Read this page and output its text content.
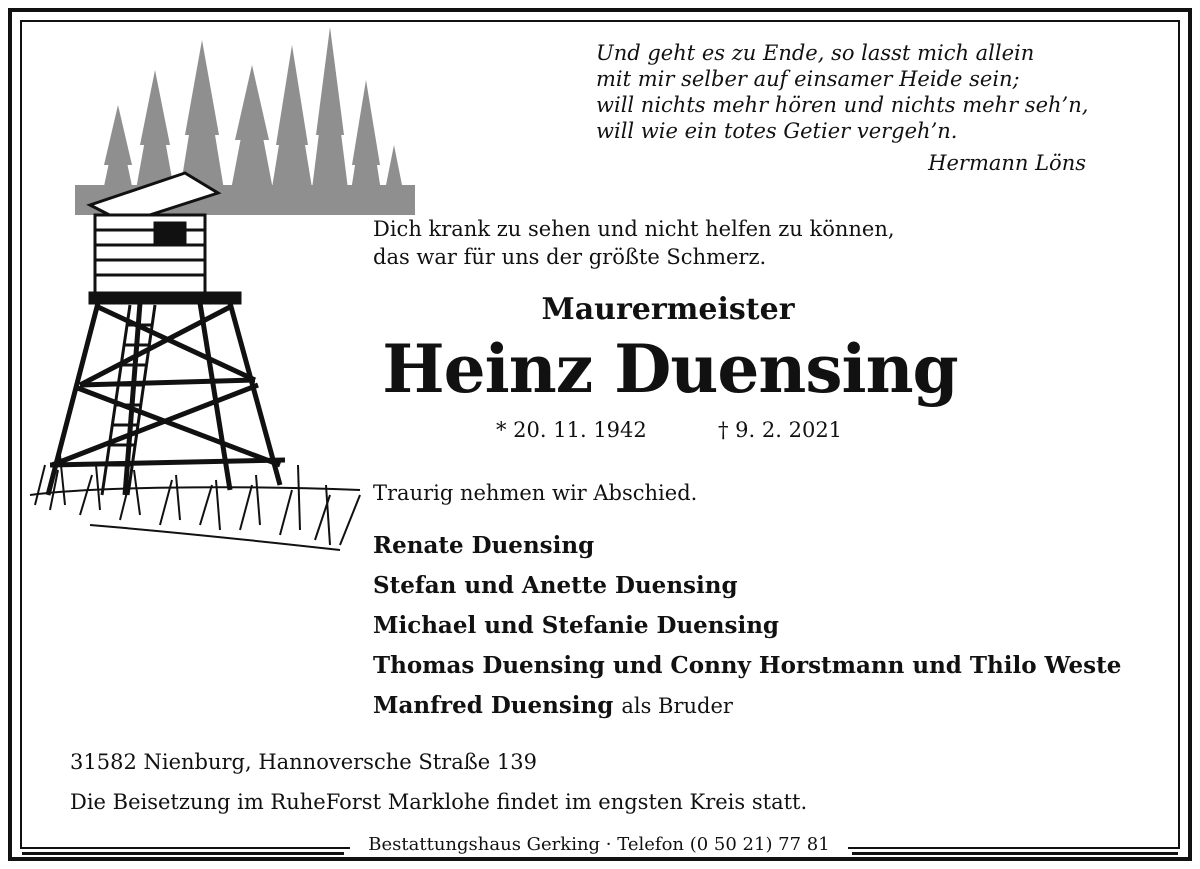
Und geht es zu Ende, so lasst mich allein
mit mir selber auf einsamer Heide sein;
will nichts mehr hören und nichts mehr seh’n,
will wie ein totes Getier vergeh’n.
Hermann Löns
Dich krank zu sehen und nicht helfen zu können,
das war für uns der größte Schmerz.
Maurermeister
Heinz Duensing
* 20. 11. 1942	† 9. 2. 2021
Traurig nehmen wir Abschied.
Renate Duensing
Stefan und Anette Duensing
Michael und Stefanie Duensing
Thomas Duensing und Conny Horstmann und Thilo Weste
Manfred Duensing als Bruder
31582 Nienburg, Hannoversche Straße 139
Die Beisetzung im RuheForst Marklohe findet im engsten Kreis statt.
Bestattungshaus Gerking · Telefon (0 50 21) 77 81
